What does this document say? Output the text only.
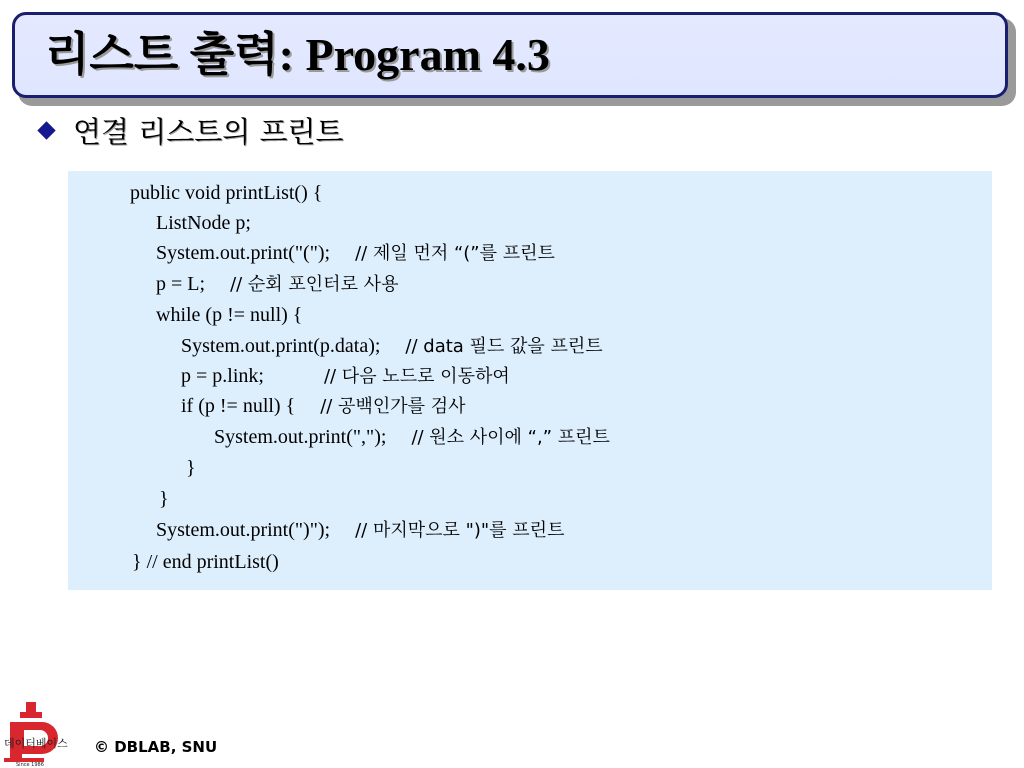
리스트 출력: Program 4.3
연결 리스트의 프린트
public void printList() {
ListNode p;
System.out.print("(");     // 제일 먼저 “(”를 프린트
p = L;     // 순회 포인터로 사용
while (p != null) {
System.out.print(p.data);     // data 필드 값을 프린트
p = p.link;            // 다음 노드로 이동하여
if (p != null) {     // 공백인가를 검사
System.out.print(",");     // 원소 사이에 “,” 프린트
}
}
System.out.print(")");     // 마지막으로 ")"를 프린트
} // end printList()
데이터베이스
Since 1986
© DBLAB, SNU
